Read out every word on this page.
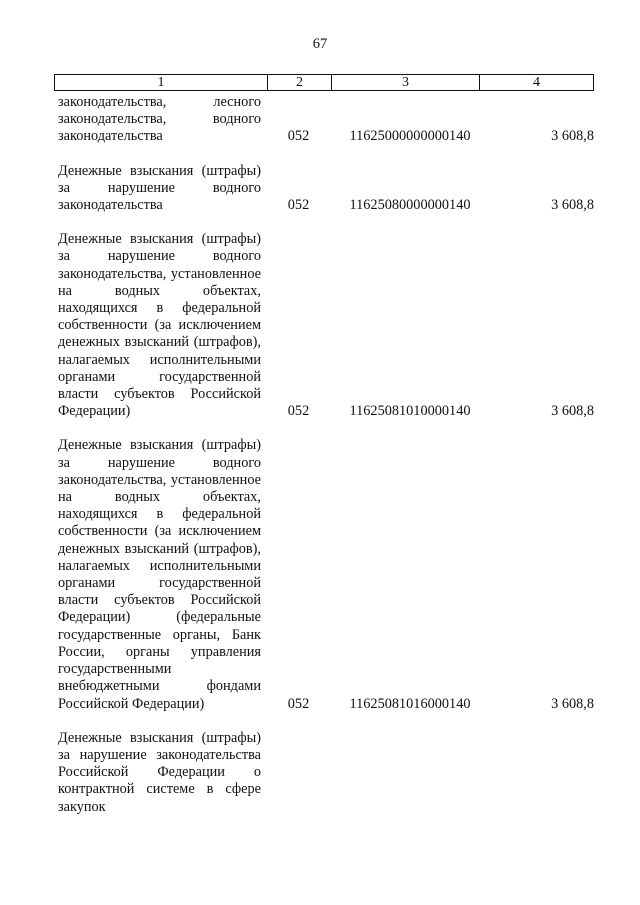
67
1	2	3	4
законодательства, лесного законодательства, водного законодательства	052	11625000000000140	3 608,8
Денежные взыскания (штрафы) за нарушение водного законодательства	052	11625080000000140	3 608,8
Денежные взыскания (штрафы) за нарушение водного законодательства, установленное на водных объектах, находящихся в федеральной собственности (за исключением денежных взысканий (штрафов), налагаемых исполнительными органами государственной власти субъектов Российской Федерации)	052	11625081010000140	3 608,8
Денежные взыскания (штрафы) за нарушение водного законодательства, установленное на водных объектах, находящихся в федеральной собственности (за исключением денежных взысканий (штрафов), налагаемых исполнительными органами государственной власти субъектов Российской Федерации) (федеральные государственные органы, Банк России, органы управления государственными внебюджетными фондами Российской Федерации)	052	11625081016000140	3 608,8
Денежные взыскания (штрафы) за нарушение законодательства Российской Федерации о контрактной системе в сфере закупок
